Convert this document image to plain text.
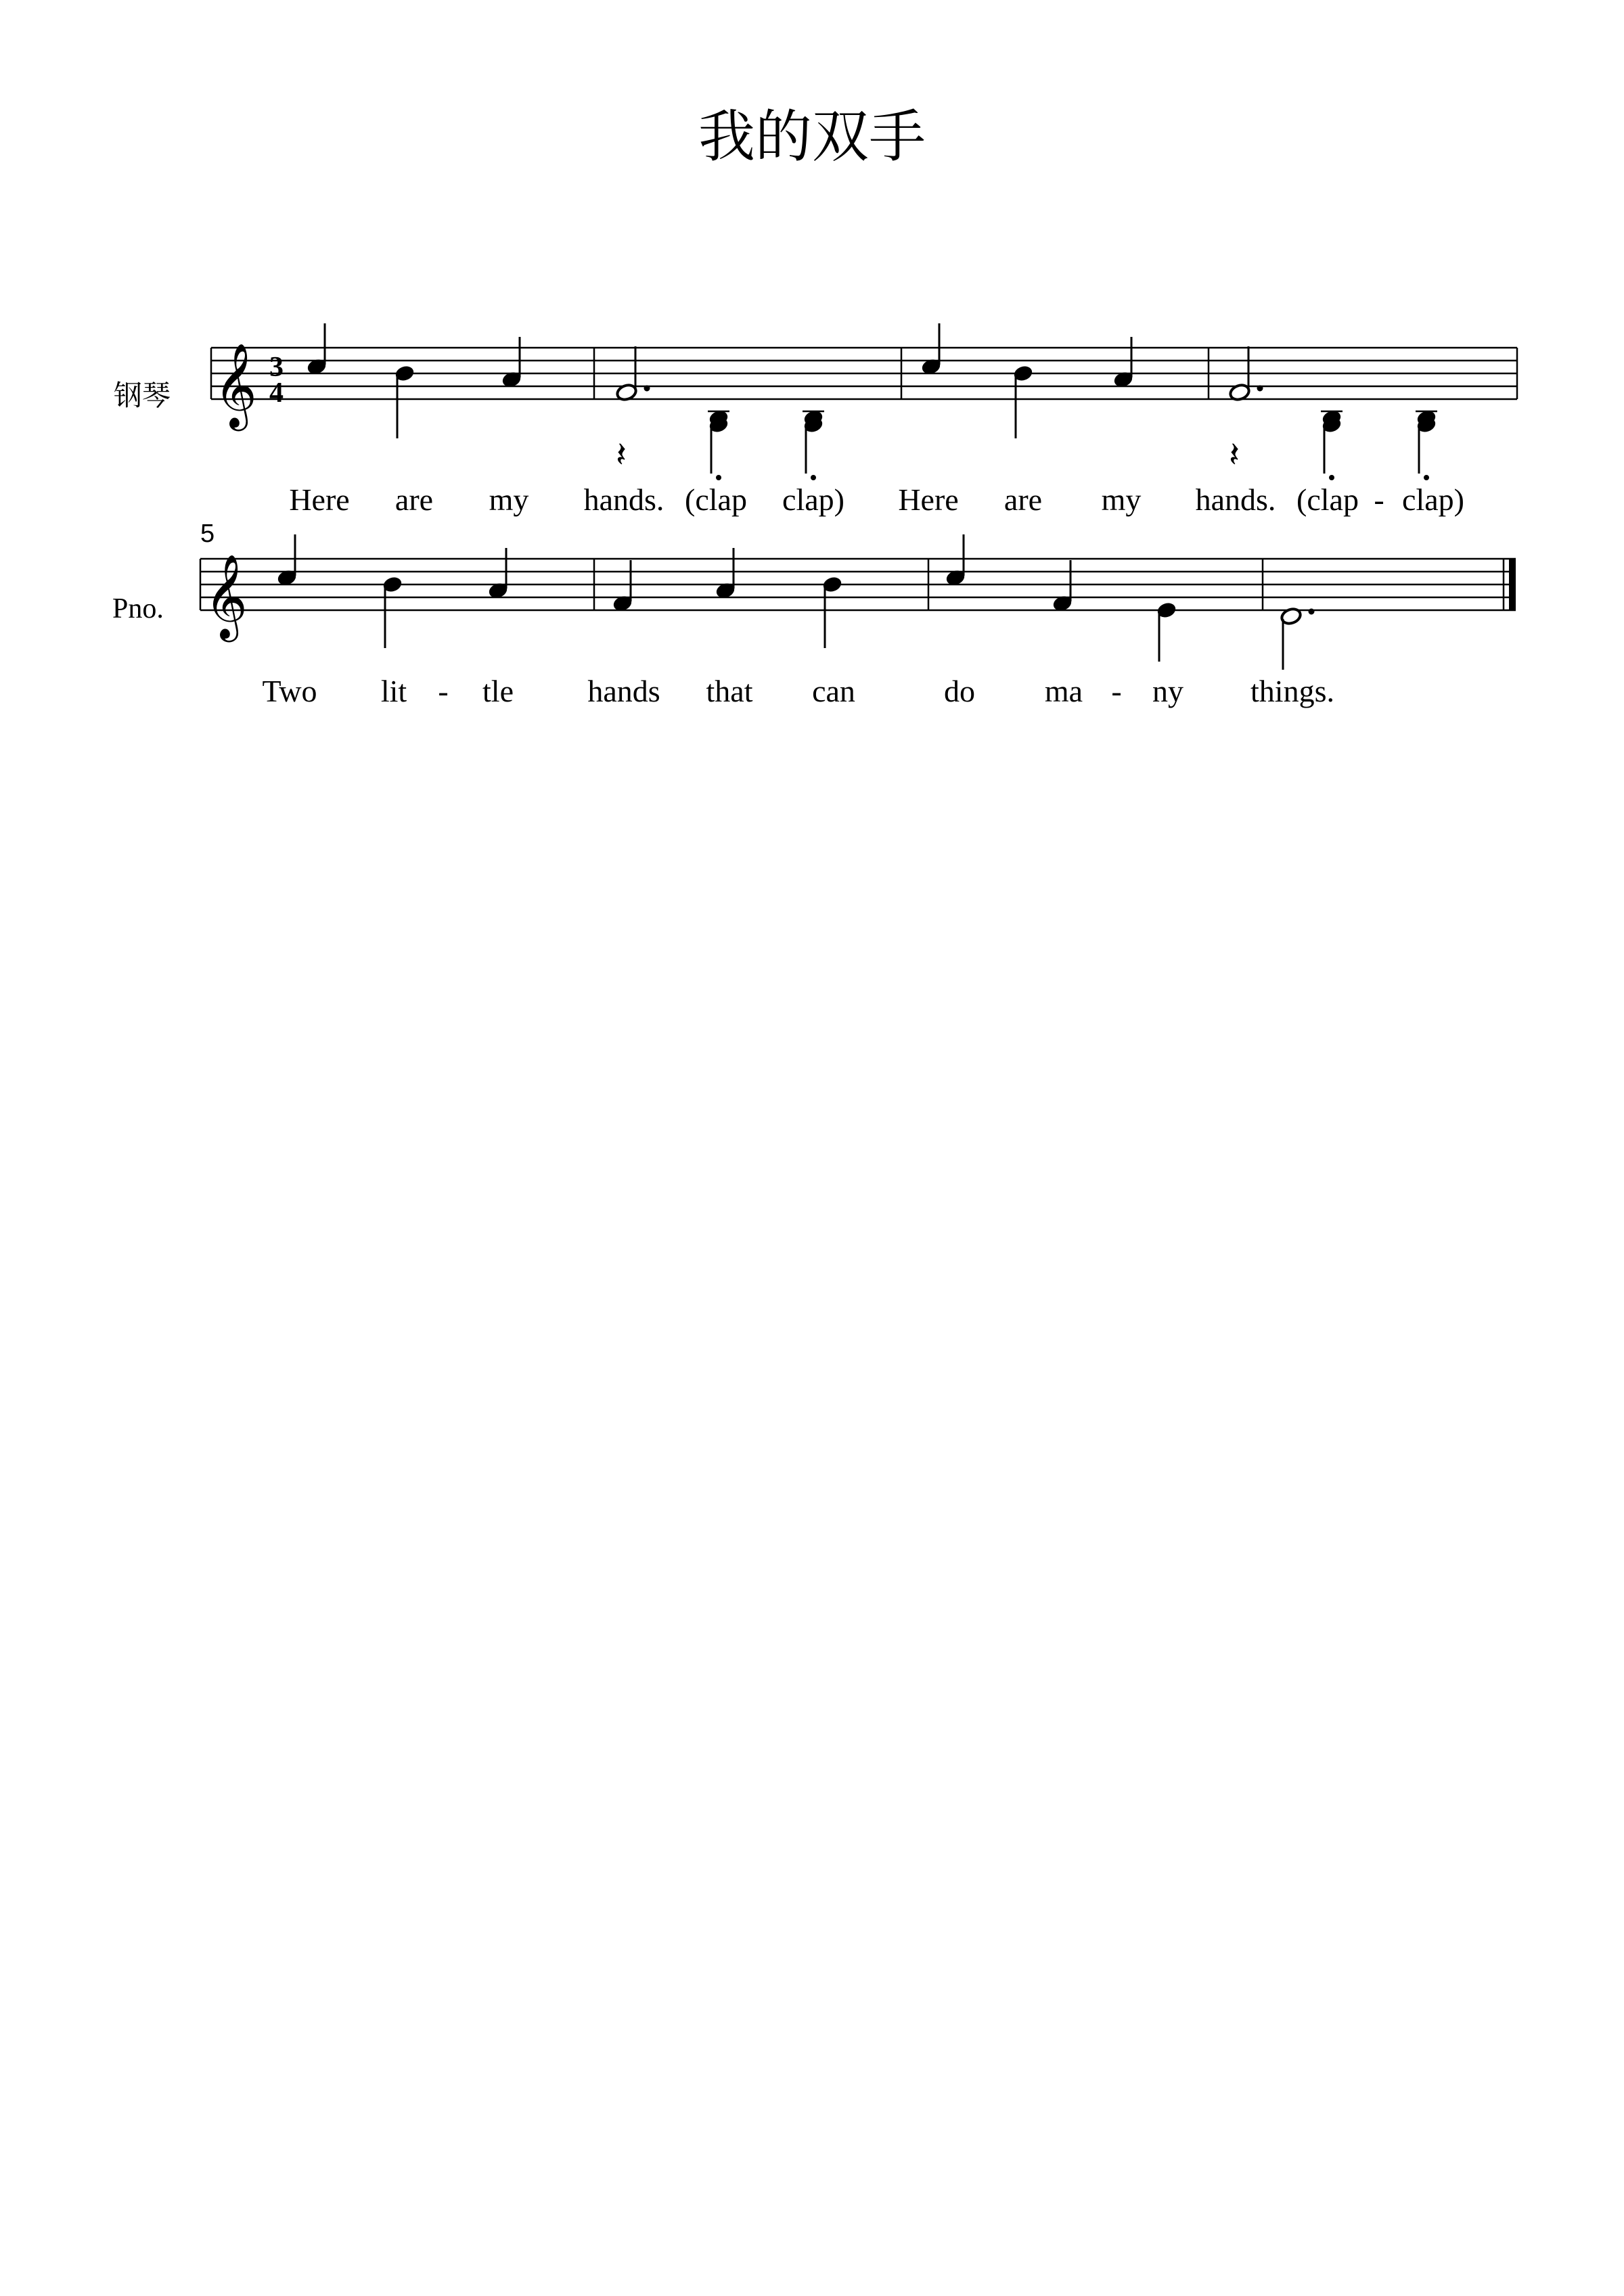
我的双手
钢琴
Pno.
5
Here are my hands. (clap clap) Here are my hands. (clap - clap)
Two lit - tle hands that can	do ma - ny things.
𝄞 3
4
𝄽	𝄽
𝄞
